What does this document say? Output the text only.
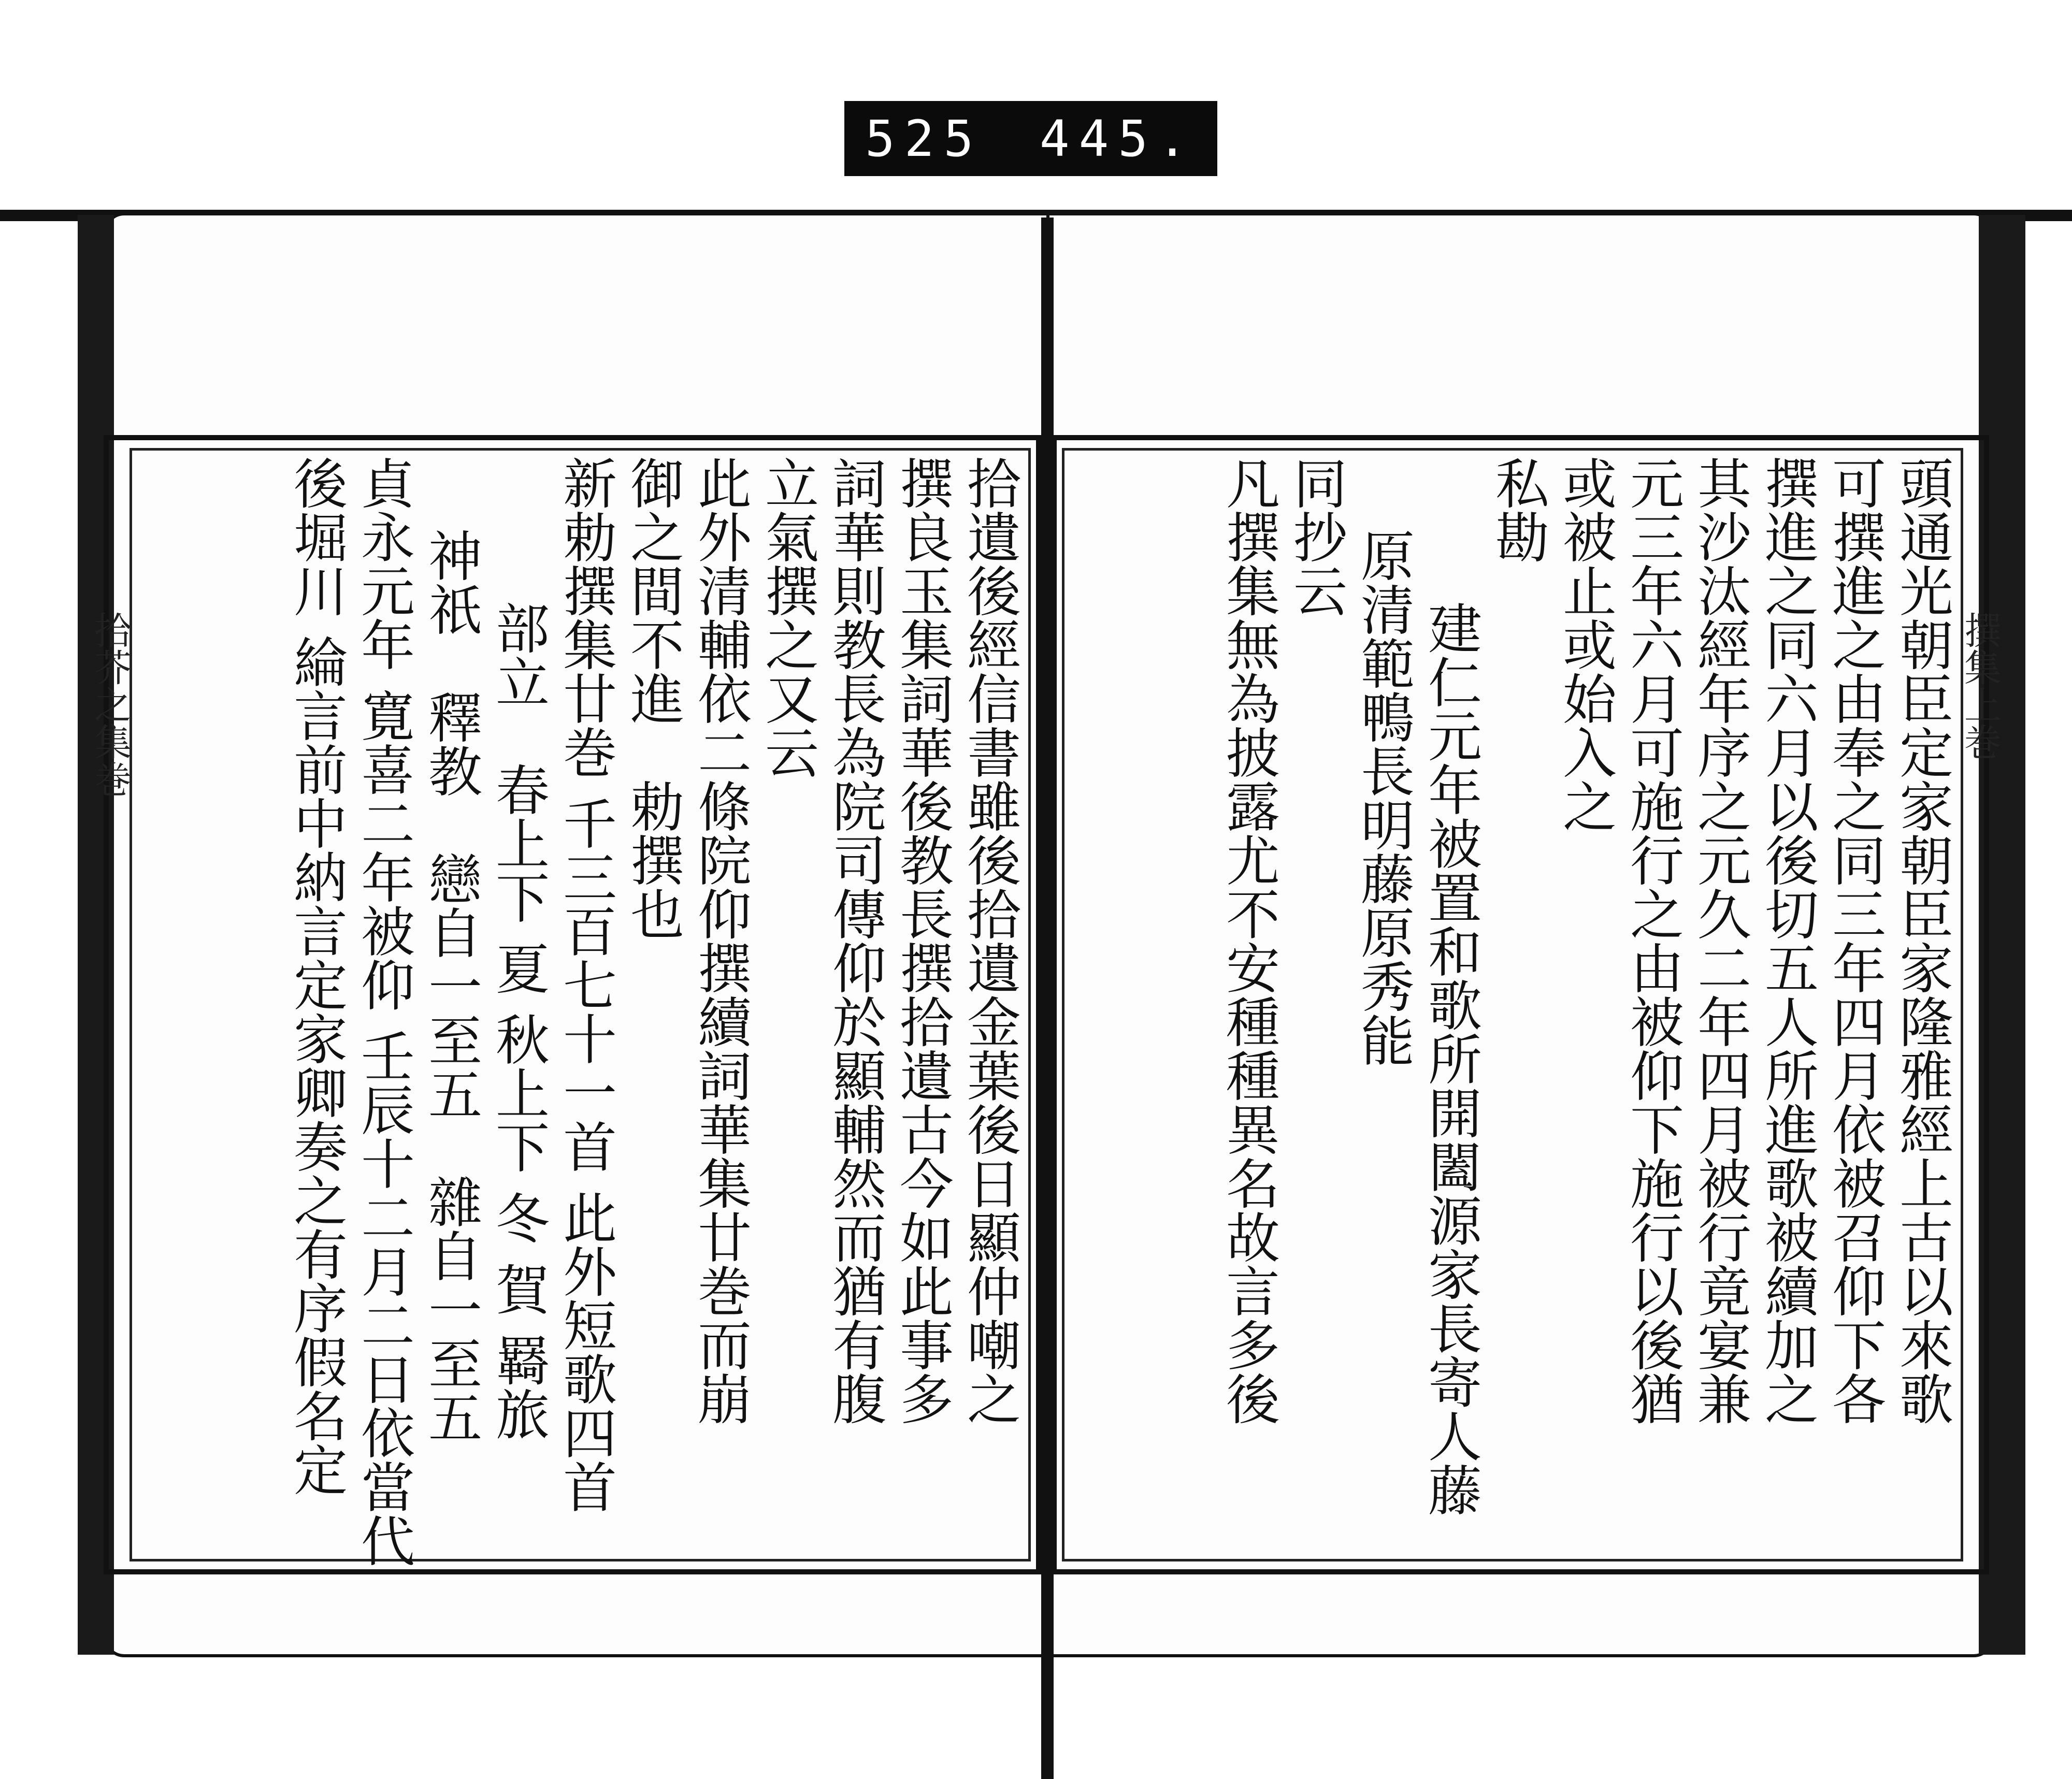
525 445.
拾芥之集巻	撰集上巻
拾遺後經信書雖後拾遺金葉後日顯仲嘲之
撰良玉集詞華後教長撰拾遺古今如此事多
詞華則教長為院司傳仰於顯輔然而猶有腹
立氣撰之又云
此外清輔依二條院仰撰續詞華集廿巻而崩
御之間不進　勅撰也
新勅撰集廿巻 千三百七十一首 此外短歌四首
部立　春上下 夏 秋上下 冬 賀 羇旅
神祇　釋教　戀自一至五　雜自一至五
貞永元年 寛喜二年被仰 壬辰十二月二日依當代
後堀川 綸言前中納言定家卿奏之有序假名定	頭通光朝臣定家朝臣家隆雅經上古以來歌
可撰進之由奉之同三年四月依被召仰下各
撰進之同六月以後切五人所進歌被續加之
其沙汰經年序之元久二年四月被行竟宴兼
元三年六月可施行之由被仰下施行以後猶
或被止或始入之
私勘
建仁元年被置和歌所開闔源家長寄人藤
原清範鴨長明藤原秀能
同抄云
凡撰集無為披露尤不安種種異名故言多後
